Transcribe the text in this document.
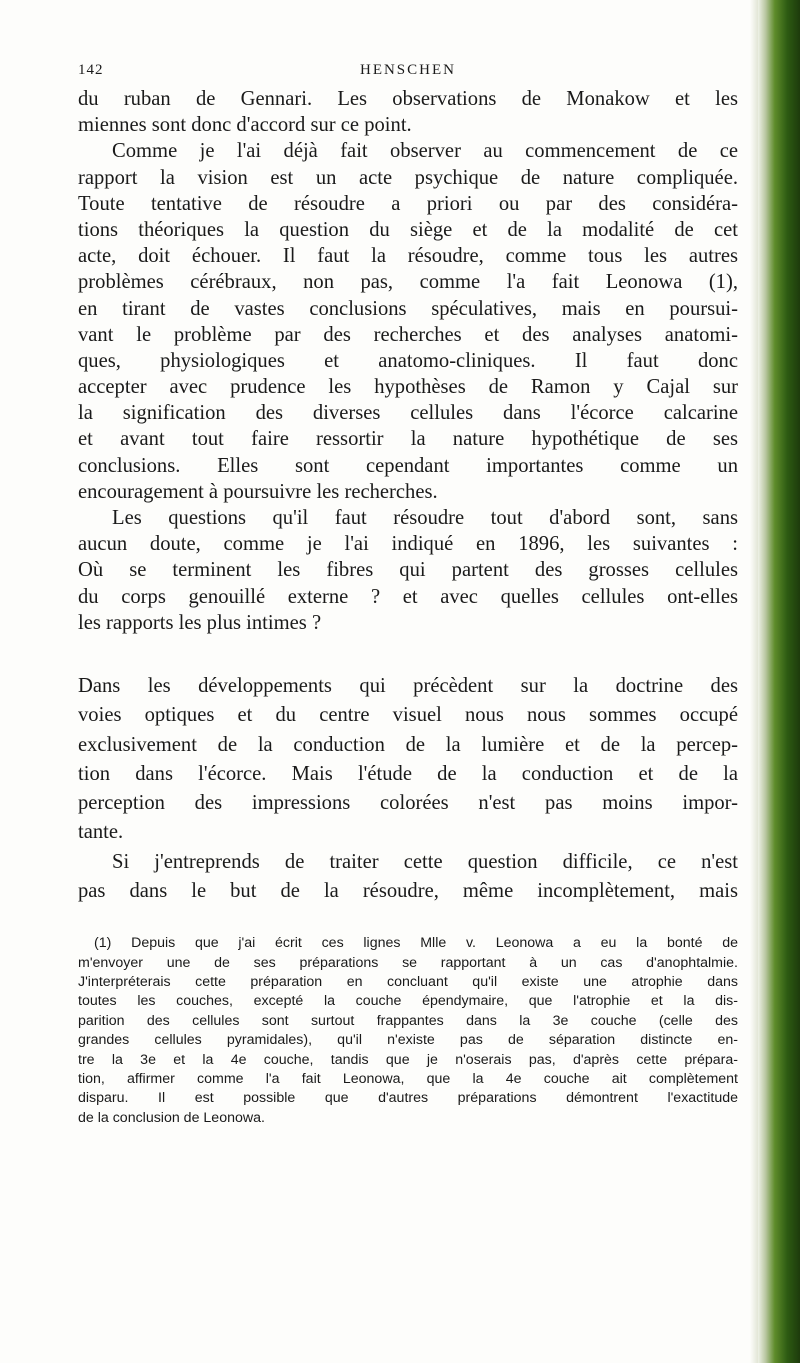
142	HENSCHEN

du ruban de Gennari. Les observations de Monakow et les

miennes sont donc d'accord sur ce point.

Comme je l'ai déjà fait observer au commencement de ce

rapport la vision est un acte psychique de nature compliquée.

Toute tentative de résoudre a priori ou par des considéra-

tions théoriques la question du siège et de la modalité de cet

acte, doit échouer. Il faut la résoudre, comme tous les autres

problèmes cérébraux, non pas, comme l'a fait Leonowa (1),

en tirant de vastes conclusions spéculatives, mais en poursui-

vant le problème par des recherches et des analyses anatomi-

ques, physiologiques et anatomo-cliniques. Il faut donc

accepter avec prudence les hypothèses de Ramon y Cajal sur

la signification des diverses cellules dans l'écorce calcarine

et avant tout faire ressortir la nature hypothétique de ses

conclusions. Elles sont cependant importantes comme un

encouragement à poursuivre les recherches.

Les questions qu'il faut résoudre tout d'abord sont, sans

aucun doute, comme je l'ai indiqué en 1896, les suivantes :

Où se terminent les fibres qui partent des grosses cellules

du corps genouillé externe ? et avec quelles cellules ont-elles

les rapports les plus intimes ?

Dans les développements qui précèdent sur la doctrine des

voies optiques et du centre visuel nous nous sommes occupé

exclusivement de la conduction de la lumière et de la percep-

tion dans l'écorce. Mais l'étude de la conduction et de la

perception des impressions colorées n'est pas moins impor-

tante.

Si j'entreprends de traiter cette question difficile, ce n'est

pas dans le but de la résoudre, même incomplètement, mais

(1) Depuis que j'ai écrit ces lignes Mlle v. Leonowa a eu la bonté de

m'envoyer une de ses préparations se rapportant à un cas d'anophtalmie.

J'interpréterais cette préparation en concluant qu'il existe une atrophie dans

toutes les couches, excepté la couche épendymaire, que l'atrophie et la dis-

parition des cellules sont surtout frappantes dans la 3e couche (celle des

grandes cellules pyramidales), qu'il n'existe pas de séparation distincte en-

tre la 3e et la 4e couche, tandis que je n'oserais pas, d'après cette prépara-

tion, affirmer comme l'a fait Leonowa, que la 4e couche ait complètement

disparu. Il est possible que d'autres préparations démontrent l'exactitude

de la conclusion de Leonowa.
